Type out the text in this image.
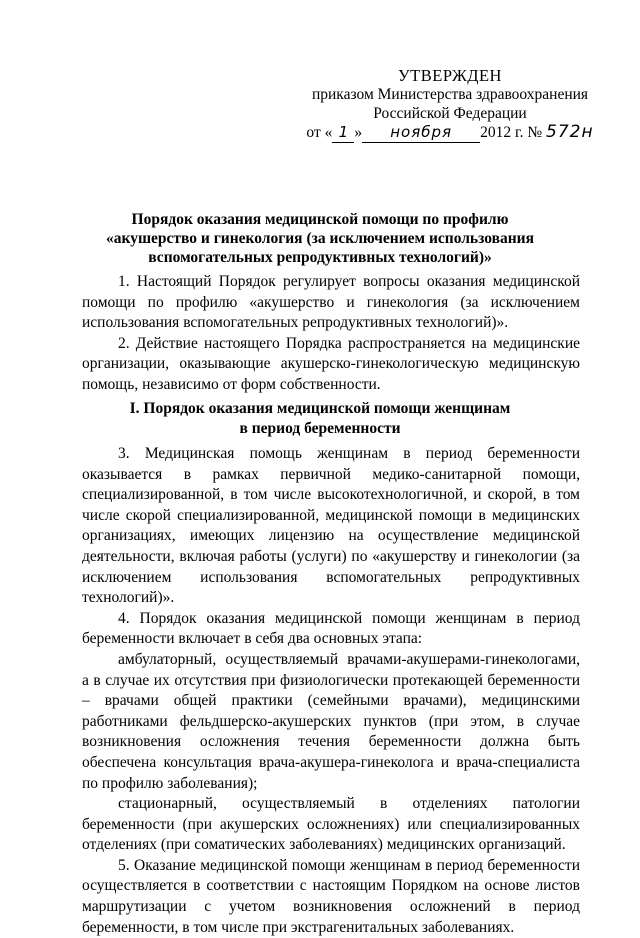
УТВЕРЖДЕН
приказом Министерства здравоохранения
Российской Федерации
от « 1 » ноября 2012 г. № 572н
Порядок оказания медицинской помощи по профилю
«акушерство и гинекология (за исключением использования
вспомогательных репродуктивных технологий)»

1. Настоящий Порядок регулирует вопросы оказания медицинской помощи по профилю «акушерство и гинекология (за исключением использования вспомогательных репродуктивных технологий)».

2. Действие настоящего Порядка распространяется на медицинские организации, оказывающие акушерско-гинекологическую медицинскую помощь, независимо от форм собственности.

I. Порядок оказания медицинской помощи женщинам
в период беременности

3. Медицинская помощь женщинам в период беременности оказывается в рамках первичной медико-санитарной помощи, специализированной, в том числе высокотехнологичной, и скорой, в том числе скорой специализированной, медицинской помощи в медицинских организациях, имеющих лицензию на осуществление медицинской деятельности, включая работы (услуги) по «акушерству и гинекологии (за исключением использования вспомогательных репродуктивных технологий)».

4. Порядок оказания медицинской помощи женщинам в период беременности включает в себя два основных этапа:

амбулаторный, осуществляемый врачами-акушерами-гинекологами, а в случае их отсутствия при физиологически протекающей беременности – врачами общей практики (семейными врачами), медицинскими работниками фельдшерско-акушерских пунктов (при этом, в случае возникновения осложнения течения беременности должна быть обеспечена консультация врача-акушера-гинеколога и врача-специалиста по профилю заболевания);

стационарный, осуществляемый в отделениях патологии беременности (при акушерских осложнениях) или специализированных отделениях (при соматических заболеваниях) медицинских организаций.

5. Оказание медицинской помощи женщинам в период беременности осуществляется в соответствии с настоящим Порядком на основе листов маршрутизации с учетом возникновения осложнений в период беременности, в том числе при экстрагенитальных заболеваниях.
